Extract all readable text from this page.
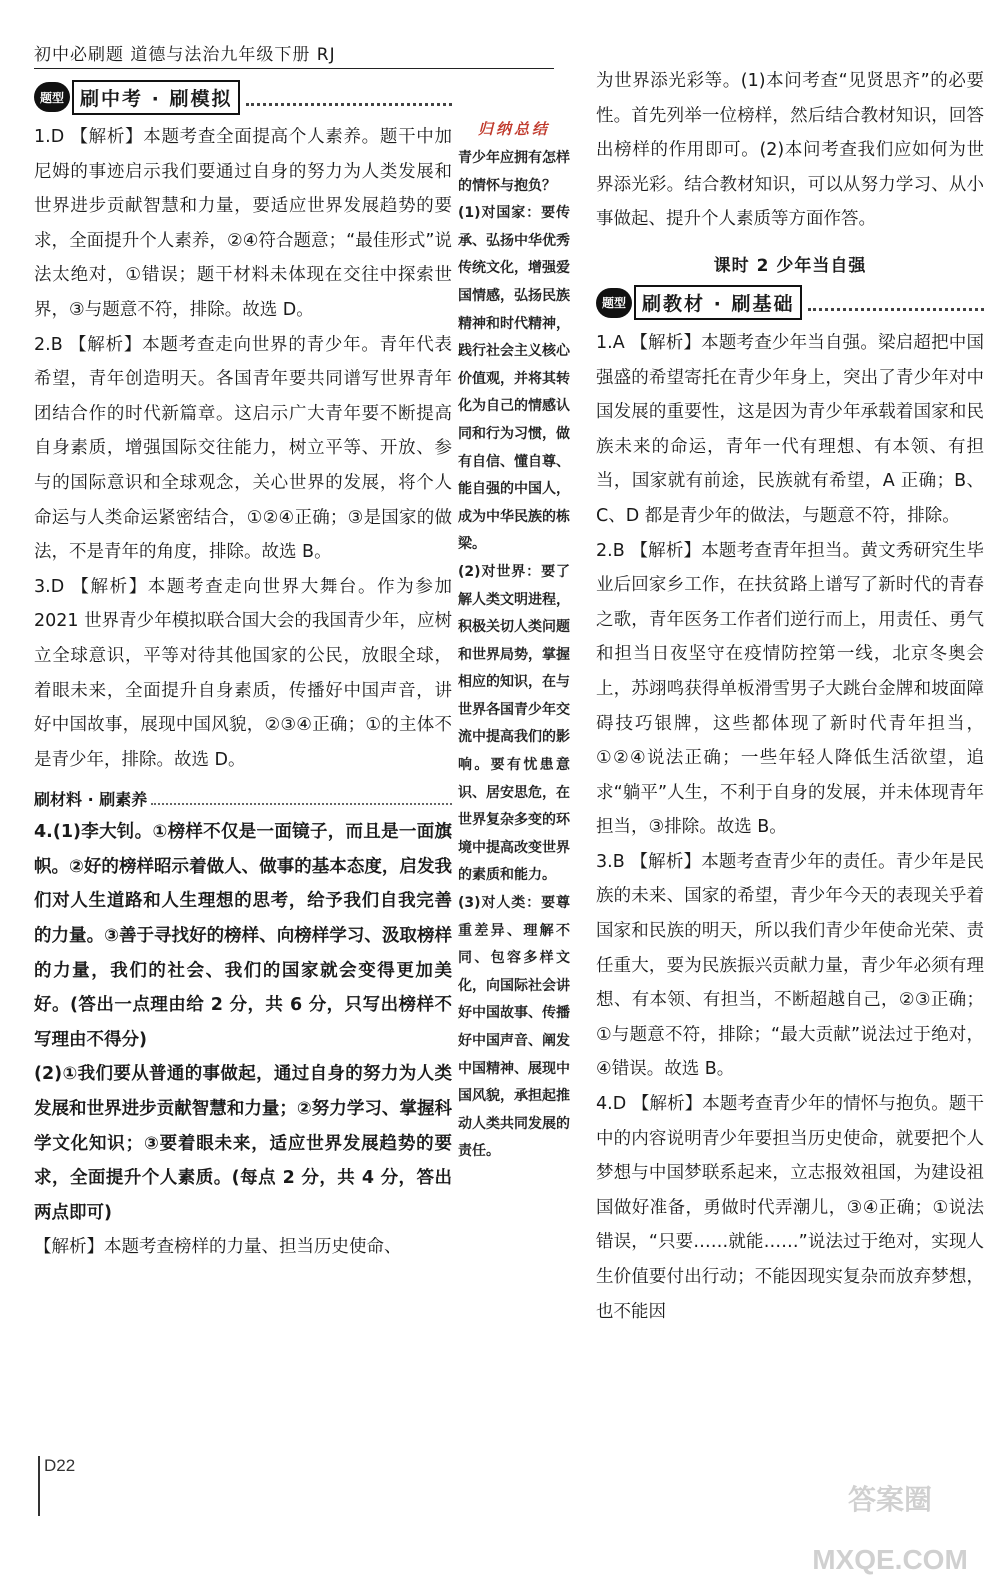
初中必刷题 道德与法治九年级下册 RJ
题型 刷中考 · 刷模拟

1.D 【解析】本题考查全面提高个人素养。题干中加尼姆的事迹启示我们要通过自身的努力为人类发展和世界进步贡献智慧和力量，要适应世界发展趋势的要求，全面提升个人素养，②④符合题意；“最佳形式”说法太绝对，①错误；题干材料未体现在交往中探索世界，③与题意不符，排除。故选 D。

2.B 【解析】本题考查走向世界的青少年。青年代表希望，青年创造明天。各国青年要共同谱写世界青年团结合作的时代新篇章。这启示广大青年要不断提高自身素质，增强国际交往能力，树立平等、开放、参与的国际意识和全球观念，关心世界的发展，将个人命运与人类命运紧密结合，①②④正确；③是国家的做法，不是青年的角度，排除。故选 B。

3.D 【解析】本题考查走向世界大舞台。作为参加 2021 世界青少年模拟联合国大会的我国青少年，应树立全球意识，平等对待其他国家的公民，放眼全球，着眼未来，全面提升自身素质，传播好中国声音，讲好中国故事，展现中国风貌，②③④正确；①的主体不是青少年，排除。故选 D。

刷材料 · 刷素养

4.(1)李大钊。①榜样不仅是一面镜子，而且是一面旗帜。②好的榜样昭示着做人、做事的基本态度，启发我们对人生道路和人生理想的思考，给予我们自我完善的力量。③善于寻找好的榜样、向榜样学习、汲取榜样的力量，我们的社会、我们的国家就会变得更加美好。(答出一点理由给 2 分，共 6 分，只写出榜样不写理由不得分)

(2)①我们要从普通的事做起，通过自身的努力为人类发展和世界进步贡献智慧和力量；②努力学习、掌握科学文化知识；③要着眼未来，适应世界发展趋势的要求，全面提升个人素质。(每点 2 分，共 4 分，答出两点即可)

【解析】本题考查榜样的力量、担当历史使命、

归纳总结

青少年应拥有怎样的情怀与抱负？

(1)对国家：要传承、弘扬中华优秀传统文化，增强爱国情感，弘扬民族精神和时代精神，践行社会主义核心价值观，并将其转化为自己的情感认同和行为习惯，做有自信、懂自尊、能自强的中国人，成为中华民族的栋梁。

(2)对世界：要了解人类文明进程，积极关切人类问题和世界局势，掌握相应的知识，在与世界各国青少年交流中提高我们的影响。要有忧患意识、居安思危，在世界复杂多变的环境中提高改变世界的素质和能力。

(3)对人类：要尊重差异、理解不同、包容多样文化，向国际社会讲好中国故事、传播好中国声音、阐发中国精神、展现中国风貌，承担起推动人类共同发展的责任。

为世界添光彩等。(1)本问考查“见贤思齐”的必要性。首先列举一位榜样，然后结合教材知识，回答出榜样的作用即可。(2)本问考查我们应如何为世界添光彩。结合教材知识，可以从努力学习、从小事做起、提升个人素质等方面作答。

课时 2 少年当自强
题型 刷教材 · 刷基础

1.A 【解析】本题考查少年当自强。梁启超把中国强盛的希望寄托在青少年身上，突出了青少年对中国发展的重要性，这是因为青少年承载着国家和民族未来的命运，青年一代有理想、有本领、有担当，国家就有前途，民族就有希望，A 正确；B、C、D 都是青少年的做法，与题意不符，排除。

2.B 【解析】本题考查青年担当。黄文秀研究生毕业后回家乡工作，在扶贫路上谱写了新时代的青春之歌，青年医务工作者们逆行而上，用责任、勇气和担当日夜坚守在疫情防控第一线，北京冬奥会上，苏翊鸣获得单板滑雪男子大跳台金牌和坡面障碍技巧银牌，这些都体现了新时代青年担当，①②④说法正确；一些年轻人降低生活欲望，追求“躺平”人生，不利于自身的发展，并未体现青年担当，③排除。故选 B。

3.B 【解析】本题考查青少年的责任。青少年是民族的未来、国家的希望，青少年今天的表现关乎着国家和民族的明天，所以我们青少年使命光荣、责任重大，要为民族振兴贡献力量，青少年必须有理想、有本领、有担当，不断超越自己，②③正确；①与题意不符，排除；“最大贡献”说法过于绝对，④错误。故选 B。

4.D 【解析】本题考查青少年的情怀与抱负。题干中的内容说明青少年要担当历史使命，就要把个人梦想与中国梦联系起来，立志报效祖国，为建设祖国做好准备，勇做时代弄潮儿，③④正确；①说法错误，“只要……就能……”说法过于绝对，实现人生价值要付出行动；不能因现实复杂而放弃梦想，也不能因

D22
答案圈 MXQE.COM
